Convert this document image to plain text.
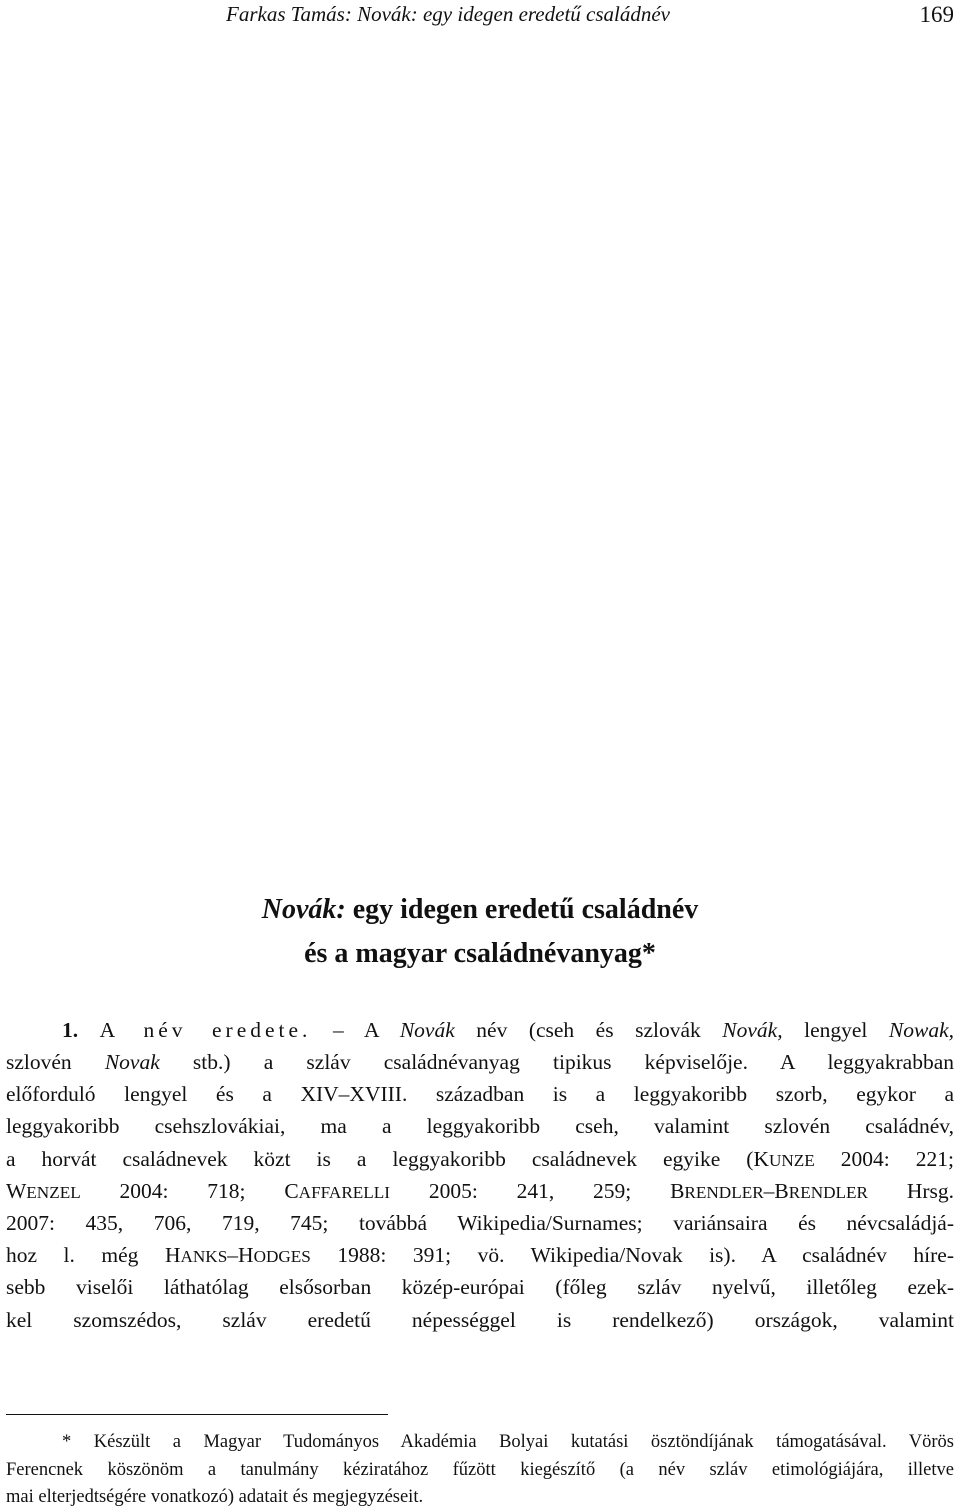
Farkas Tamás: Novák: egy idegen eredetű családnév	169
Novák: egy idegen eredetű családnév
és a magyar családnévanyag*
1. A név eredete. – A Novák név (cseh és szlovák Novák, lengyel Nowak,
szlovén Novak stb.) a szláv családnévanyag tipikus képviselője. A leggyakrabban
előforduló lengyel és a XIV–XVIII. században is a leggyakoribb szorb, egykor a
leggyakoribb csehszlovákiai, ma a leggyakoribb cseh, valamint szlovén családnév,
a horvát családnevek közt is a leggyakoribb családnevek egyike (KUNZE 2004: 221;
WENZEL 2004: 718; CAFFARELLI 2005: 241, 259; BRENDLER–BRENDLER Hrsg.
2007: 435, 706, 719, 745; továbbá Wikipedia/Surnames; variánsaira és névcsaládjá-
hoz l. még HANKS–HODGES 1988: 391; vö. Wikipedia/Novak is). A családnév híre-
sebb viselői láthatólag elsősorban közép-európai (főleg szláv nyelvű, illetőleg ezek-
kel szomszédos, szláv eredetű népességgel is rendelkező) országok, valamint
* Készült a Magyar Tudományos Akadémia Bolyai kutatási ösztöndíjának támogatásával. Vörös
Ferencnek köszönöm a tanulmány kéziratához fűzött kiegészítő (a név szláv etimológiájára, illetve
mai elterjedtségére vonatkozó) adatait és megjegyzéseit.
